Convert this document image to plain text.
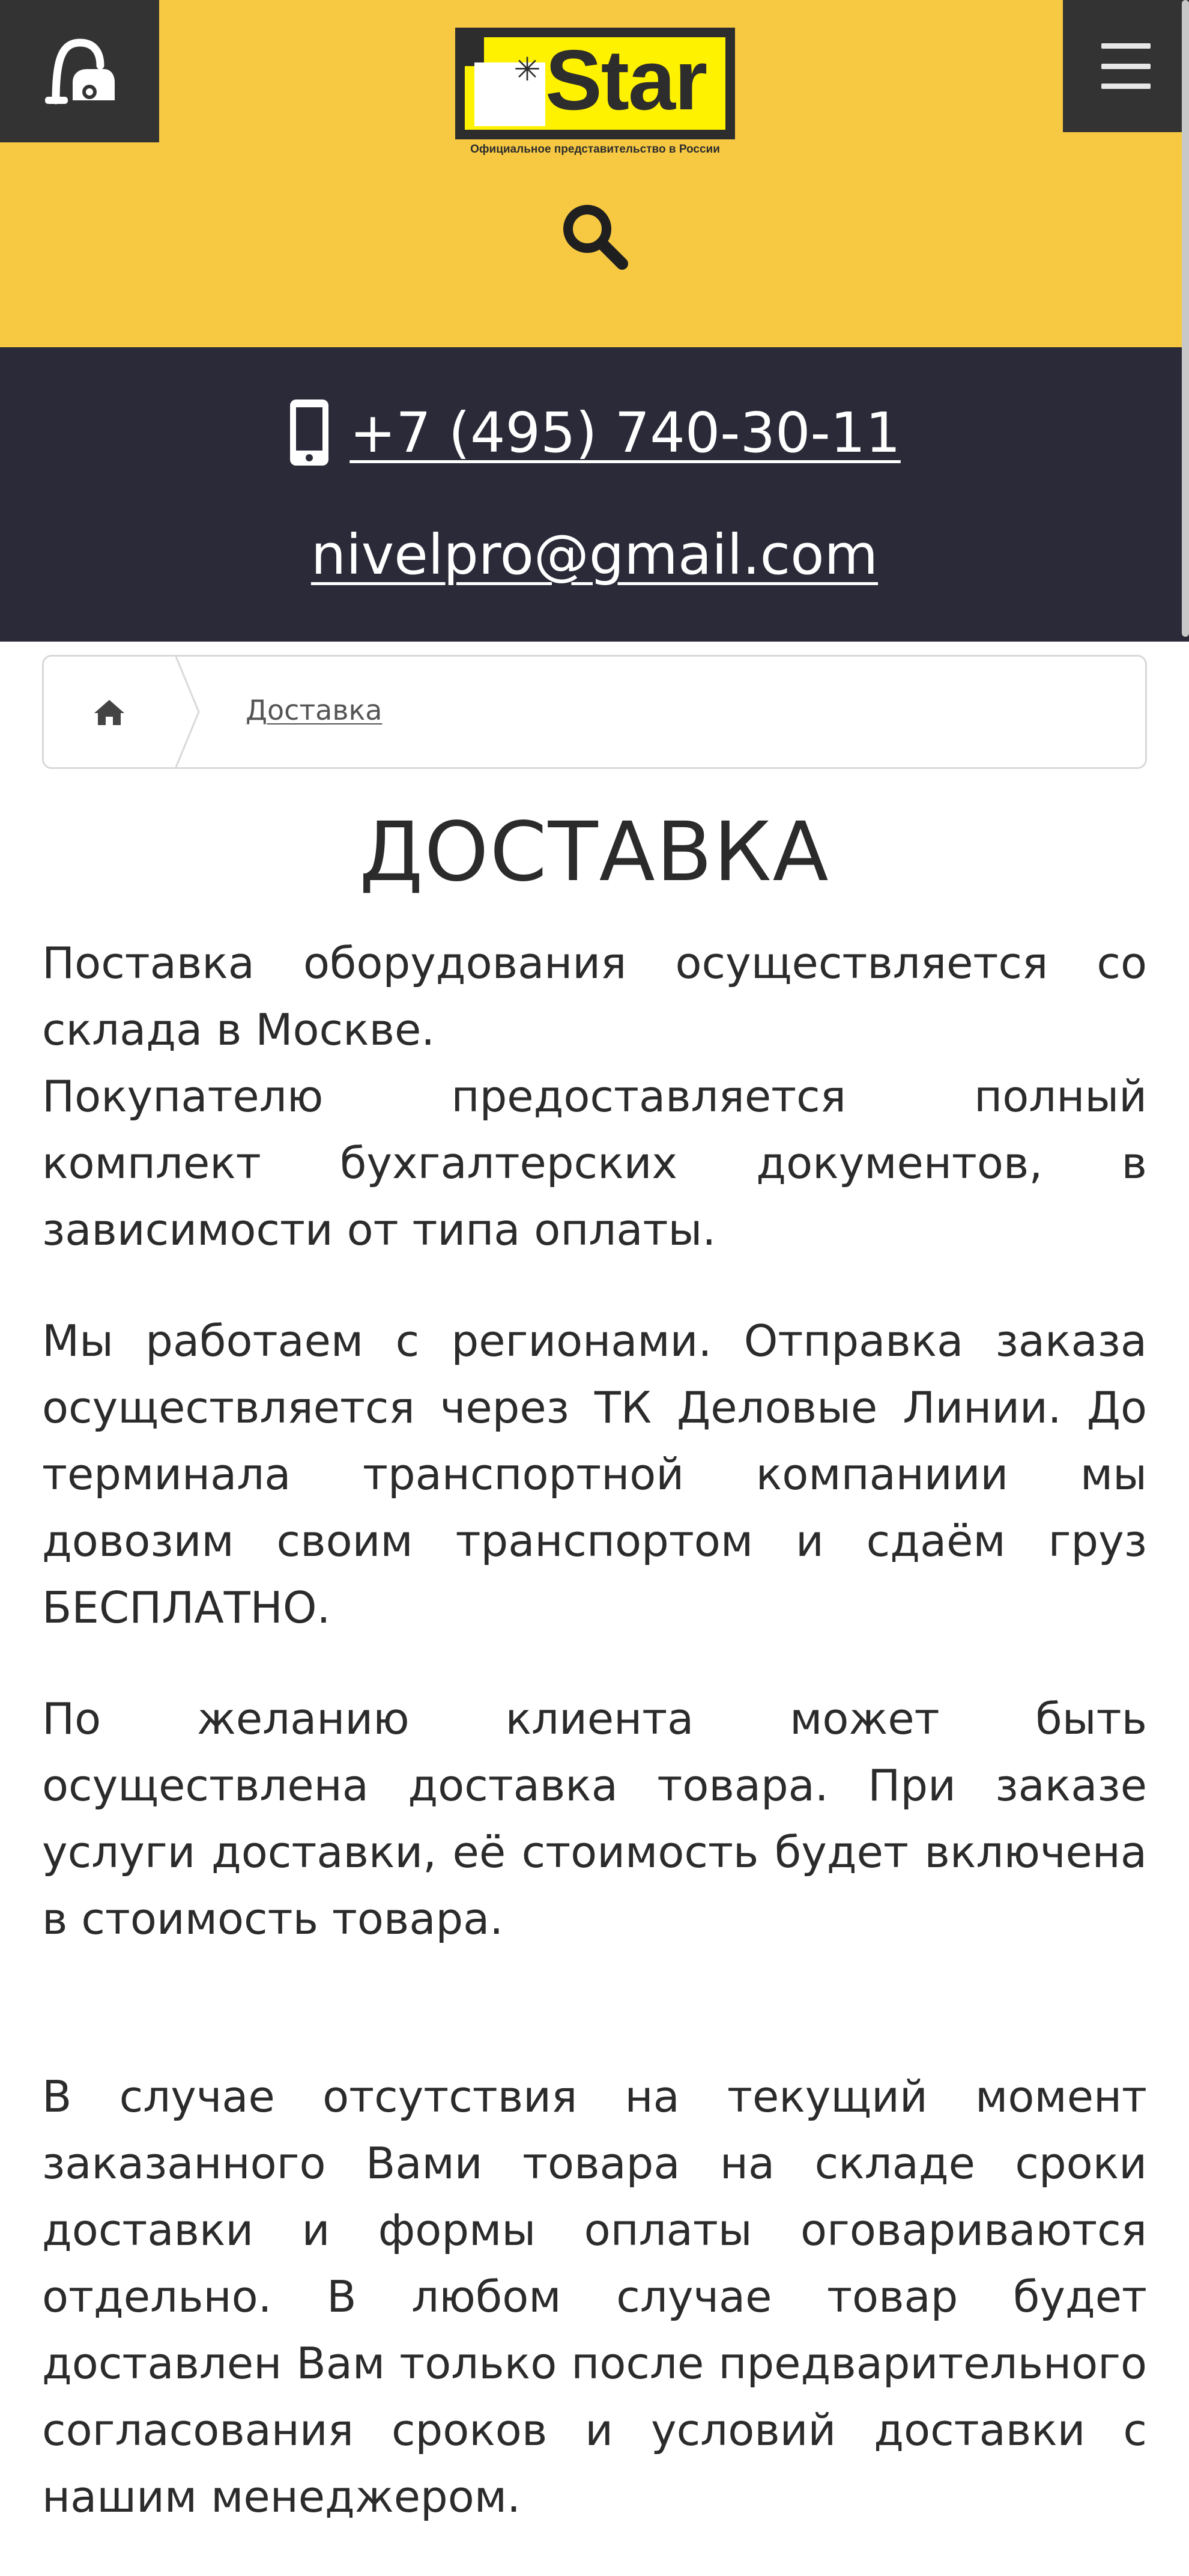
✳ Star
Официальное представительство в России
+7 (495) 740-30-11
nivelpro@gmail.com
Доставка
ДОСТАВКА

Поставка оборудования осуществляется со склада в Москве.

Покупателю предоставляется полный комплект бухгалтерских документов, в зависимости от типа оплаты.

Мы работаем с регионами. Отправка заказа осуществляется через ТК Деловые Линии. До терминала транспортной компаниии мы довозим своим транспортом и сдаём груз БЕСПЛАТНО.

По желанию клиента может быть осуществлена доставка товара. При заказе услуги доставки, её стоимость будет включена в стоимость товара.

В случае отсутствия на текущий момент заказанного Вами товара на складе сроки доставки и формы оплаты оговариваются отдельно. В любом случае товар будет доставлен Вам только после предварительного согласования сроков и условий доставки с нашим менеджером.
